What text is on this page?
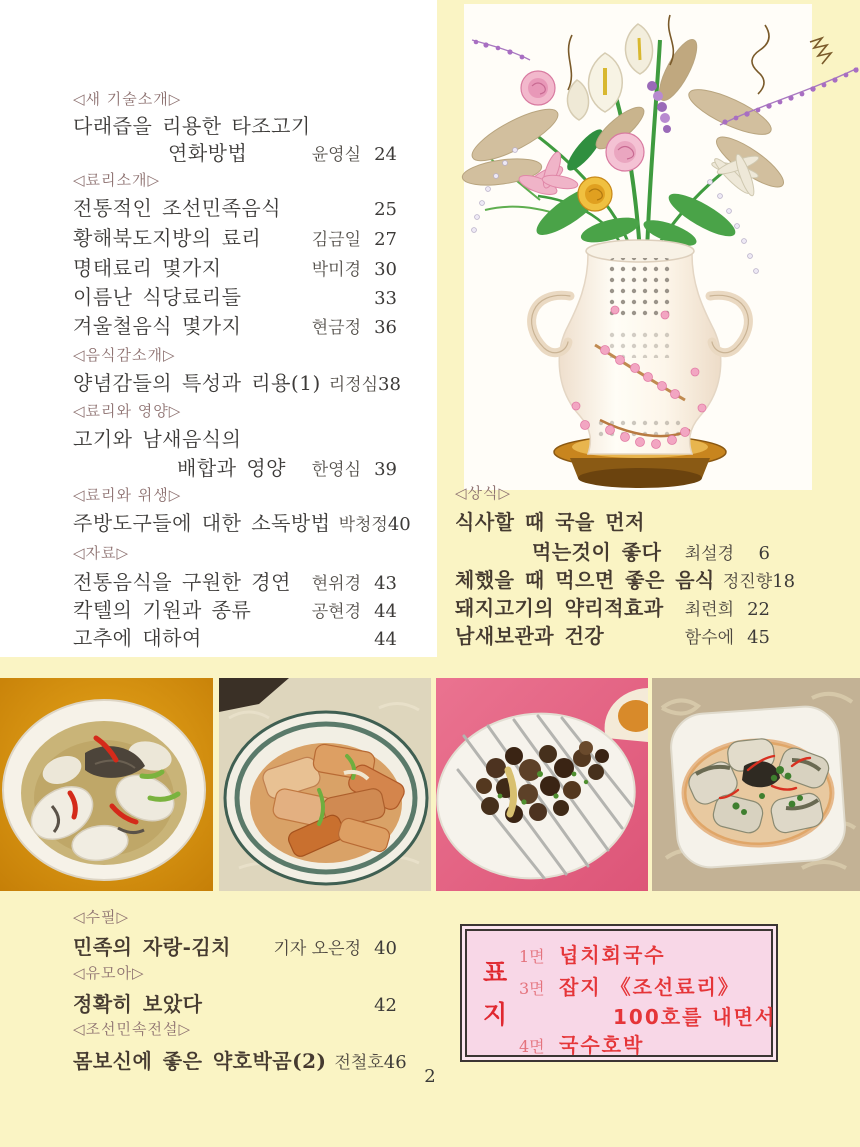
◁새 기술소개▷
다래즙을 리용한 타조고기
연화방법	윤영실 24
◁료리소개▷
전통적인 조선민족음식	25
황해북도지방의 료리	김금일 27
명태료리 몇가지	박미경 30
이름난 식당료리들	33
겨울철음식 몇가지	현금정 36
◁음식감소개▷
양념감들의 특성과 리용(1) 리정심 38
◁료리와 영양▷
고기와 남새음식의
배합과 영양	한영심 39
◁료리와 위생▷
주방도구들에 대한 소독방법 박청정 40
◁자료▷
전통음식을 구원한 경연	현위경 43
칵텔의 기원과 종류	공현경 44
고추에 대하여	44
◁상식▷
식사할 때 국을 먼저
먹는것이 좋다	최설경	6
체했을 때 먹으면 좋은 음식 정진향 18
돼지고기의 약리적효과	최련희 22
남새보관과 건강	함수에 45
◁수필▷
민족의 자랑-김치	기자 오은정 40
◁유모아▷
정확히 보았다	42
◁조선민속전설▷
몸보신에 좋은 약호박곰(2) 전철호 46
표
지
1면 넙치회국수
3면 잡지 《조선료리》
100호를 내면서
4면 국수호박
2
